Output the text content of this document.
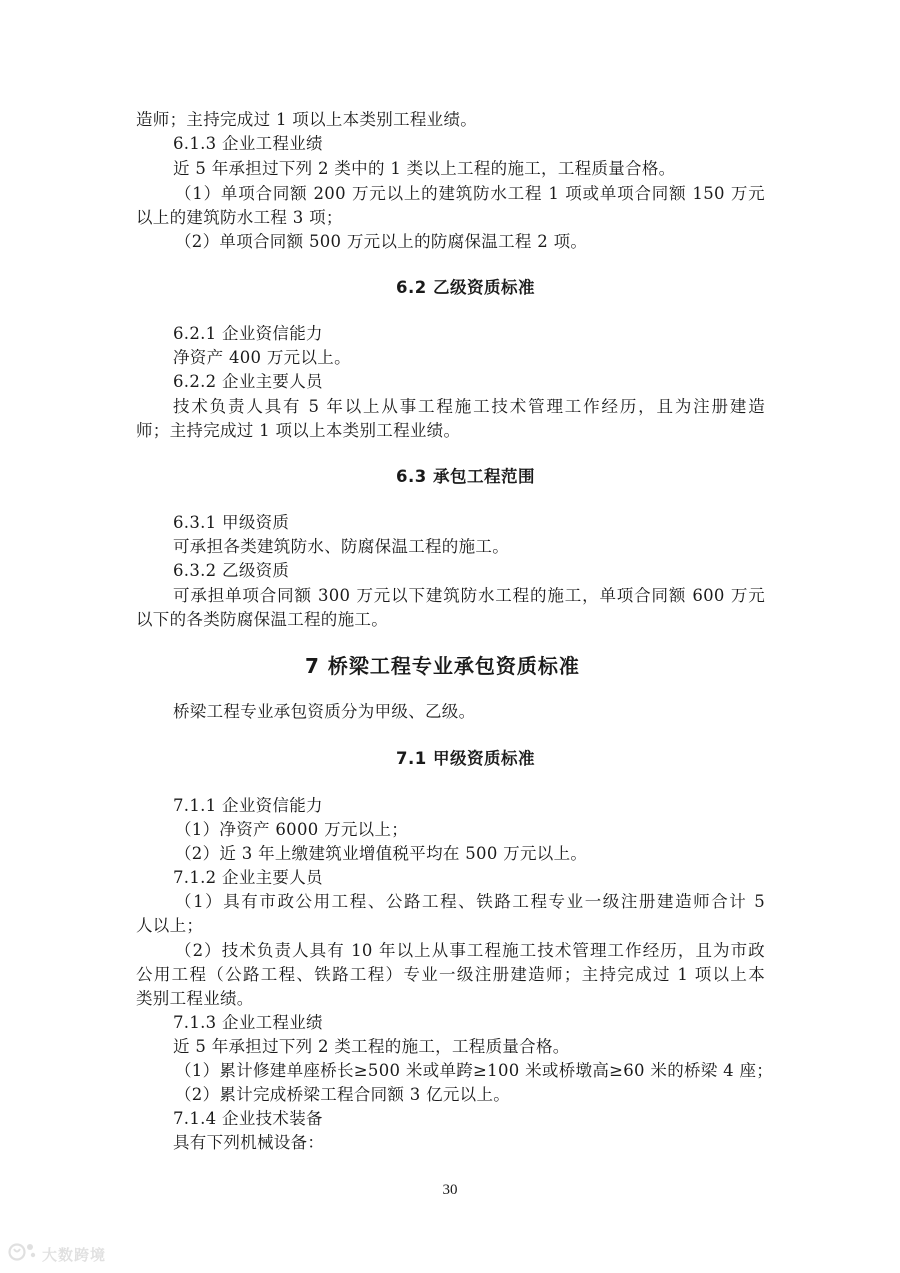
造师；主持完成过 1 项以上本类别工程业绩。
6.1.3 企业工程业绩
近 5 年承担过下列 2 类中的 1 类以上工程的施工，工程质量合格。
（1）单项合同额 200 万元以上的建筑防水工程 1 项或单项合同额 150 万元
以上的建筑防水工程 3 项；
（2）单项合同额 500 万元以上的防腐保温工程 2 项。
6.2 乙级资质标准
6.2.1 企业资信能力
净资产 400 万元以上。
6.2.2 企业主要人员
技术负责人具有 5 年以上从事工程施工技术管理工作经历，且为注册建造
师；主持完成过 1 项以上本类别工程业绩。
6.3 承包工程范围
6.3.1 甲级资质
可承担各类建筑防水、防腐保温工程的施工。
6.3.2 乙级资质
可承担单项合同额 300 万元以下建筑防水工程的施工，单项合同额 600 万元
以下的各类防腐保温工程的施工。
7 桥梁工程专业承包资质标准
桥梁工程专业承包资质分为甲级、乙级。
7.1 甲级资质标准
7.1.1 企业资信能力
（1）净资产 6000 万元以上；
（2）近 3 年上缴建筑业增值税平均在 500 万元以上。
7.1.2 企业主要人员
（1）具有市政公用工程、公路工程、铁路工程专业一级注册建造师合计 5
人以上；
（2）技术负责人具有 10 年以上从事工程施工技术管理工作经历，且为市政
公用工程（公路工程、铁路工程）专业一级注册建造师；主持完成过 1 项以上本
类别工程业绩。
7.1.3 企业工程业绩
近 5 年承担过下列 2 类工程的施工，工程质量合格。
（1）累计修建单座桥长≥500 米或单跨≥100 米或桥墩高≥60 米的桥梁 4 座；
（2）累计完成桥梁工程合同额 3 亿元以上。
7.1.4 企业技术装备
具有下列机械设备：
30
大数跨境
